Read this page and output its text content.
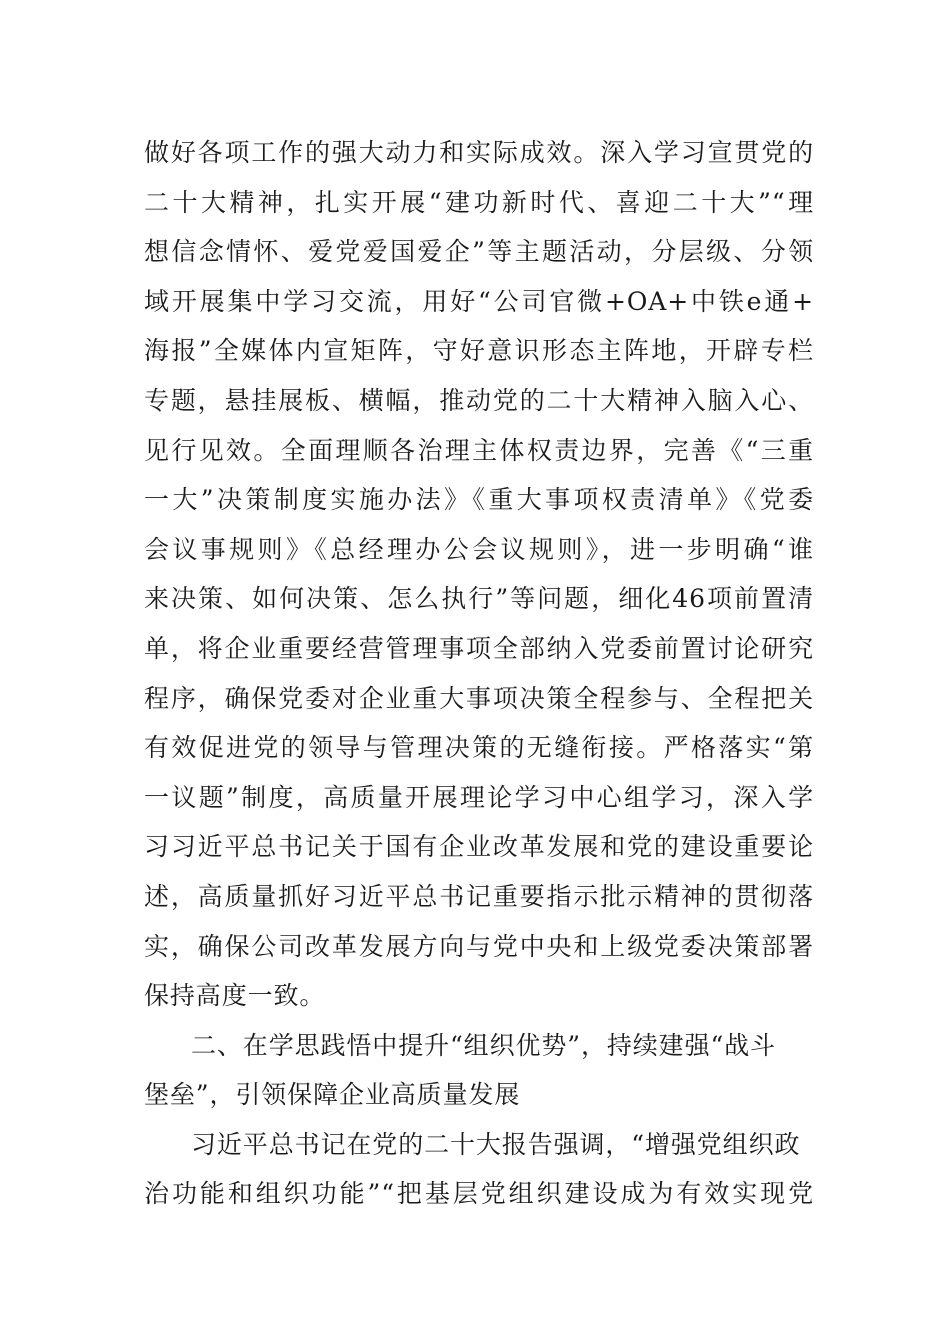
做好各项工作的强大动力和实际成效。深入学习宣贯党的
二十大精神，扎实开展“建功新时代、喜迎二十大”“理
想信念情怀、爱党爱国爱企”等主题活动，分层级、分领
域开展集中学习交流，用好“公司官微+OA+中铁e通+
海报”全媒体内宣矩阵，守好意识形态主阵地，开辟专栏
专题，悬挂展板、横幅，推动党的二十大精神入脑入心、
见行见效。全面理顺各治理主体权责边界，完善《“三重
一大”决策制度实施办法》《重大事项权责清单》《党委
会议事规则》《总经理办公会议规则》，进一步明确“谁
来决策、如何决策、怎么执行”等问题，细化46项前置清
单，将企业重要经营管理事项全部纳入党委前置讨论研究
程序，确保党委对企业重大事项决策全程参与、全程把关
有效促进党的领导与管理决策的无缝衔接。严格落实“第
一议题”制度，高质量开展理论学习中心组学习，深入学
习习近平总书记关于国有企业改革发展和党的建设重要论
述，高质量抓好习近平总书记重要指示批示精神的贯彻落
实，确保公司改革发展方向与党中央和上级党委决策部署
保持高度一致。
二、在学思践悟中提升“组织优势”，持续建强“战斗
堡垒”，引领保障企业高质量发展
习近平总书记在党的二十大报告强调，“增强党组织政
治功能和组织功能”“把基层党组织建设成为有效实现党
